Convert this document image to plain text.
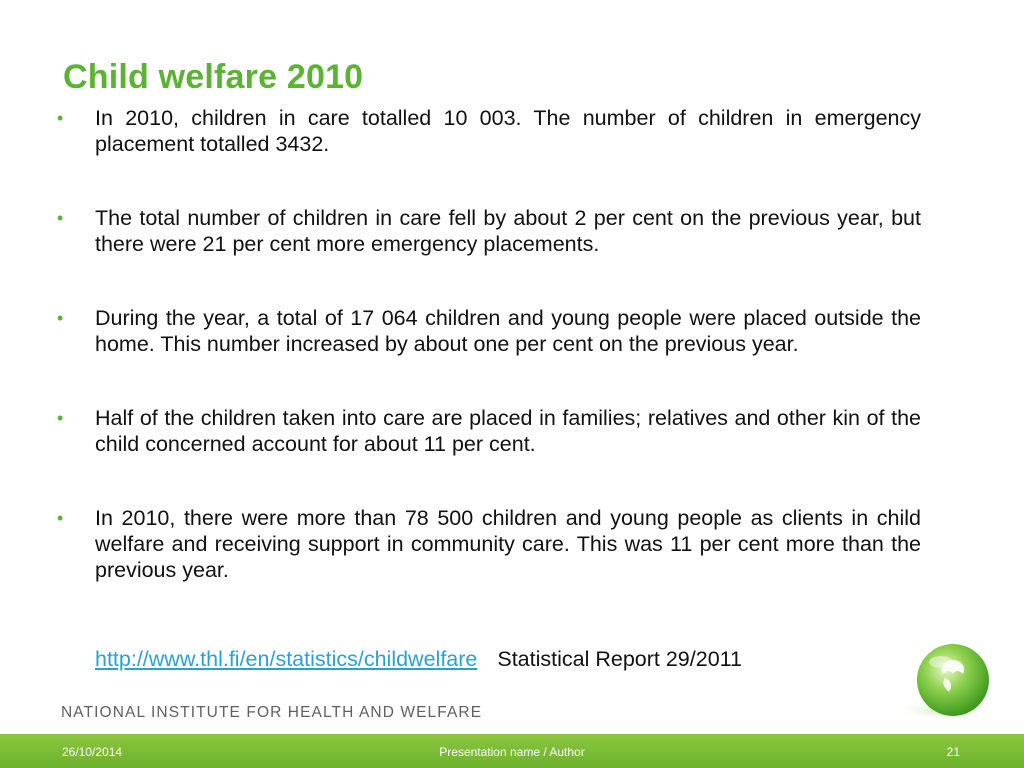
Child welfare 2010
• In 2010, children in care totalled 10 003. The number of children in emergency placement totalled 3432.
• The total number of children in care fell by about 2 per cent on the previous year, but there were 21 per cent more emergency placements.
• During the year, a total of 17 064 children and young people were placed outside the home. This number increased by about one per cent on the previous year.
• Half of the children taken into care are placed in families; relatives and other kin of the child concerned account for about 11 per cent.
• In 2010, there were more than 78 500 children and young people as clients in child welfare and receiving support in community care. This was 11 per cent more than the previous year.
http://www.thl.fi/en/statistics/childwelfare Statistical Report 29/2011
NATIONAL INSTITUTE FOR HEALTH AND WELFARE
26/10/2014	Presentation name / Author	21
